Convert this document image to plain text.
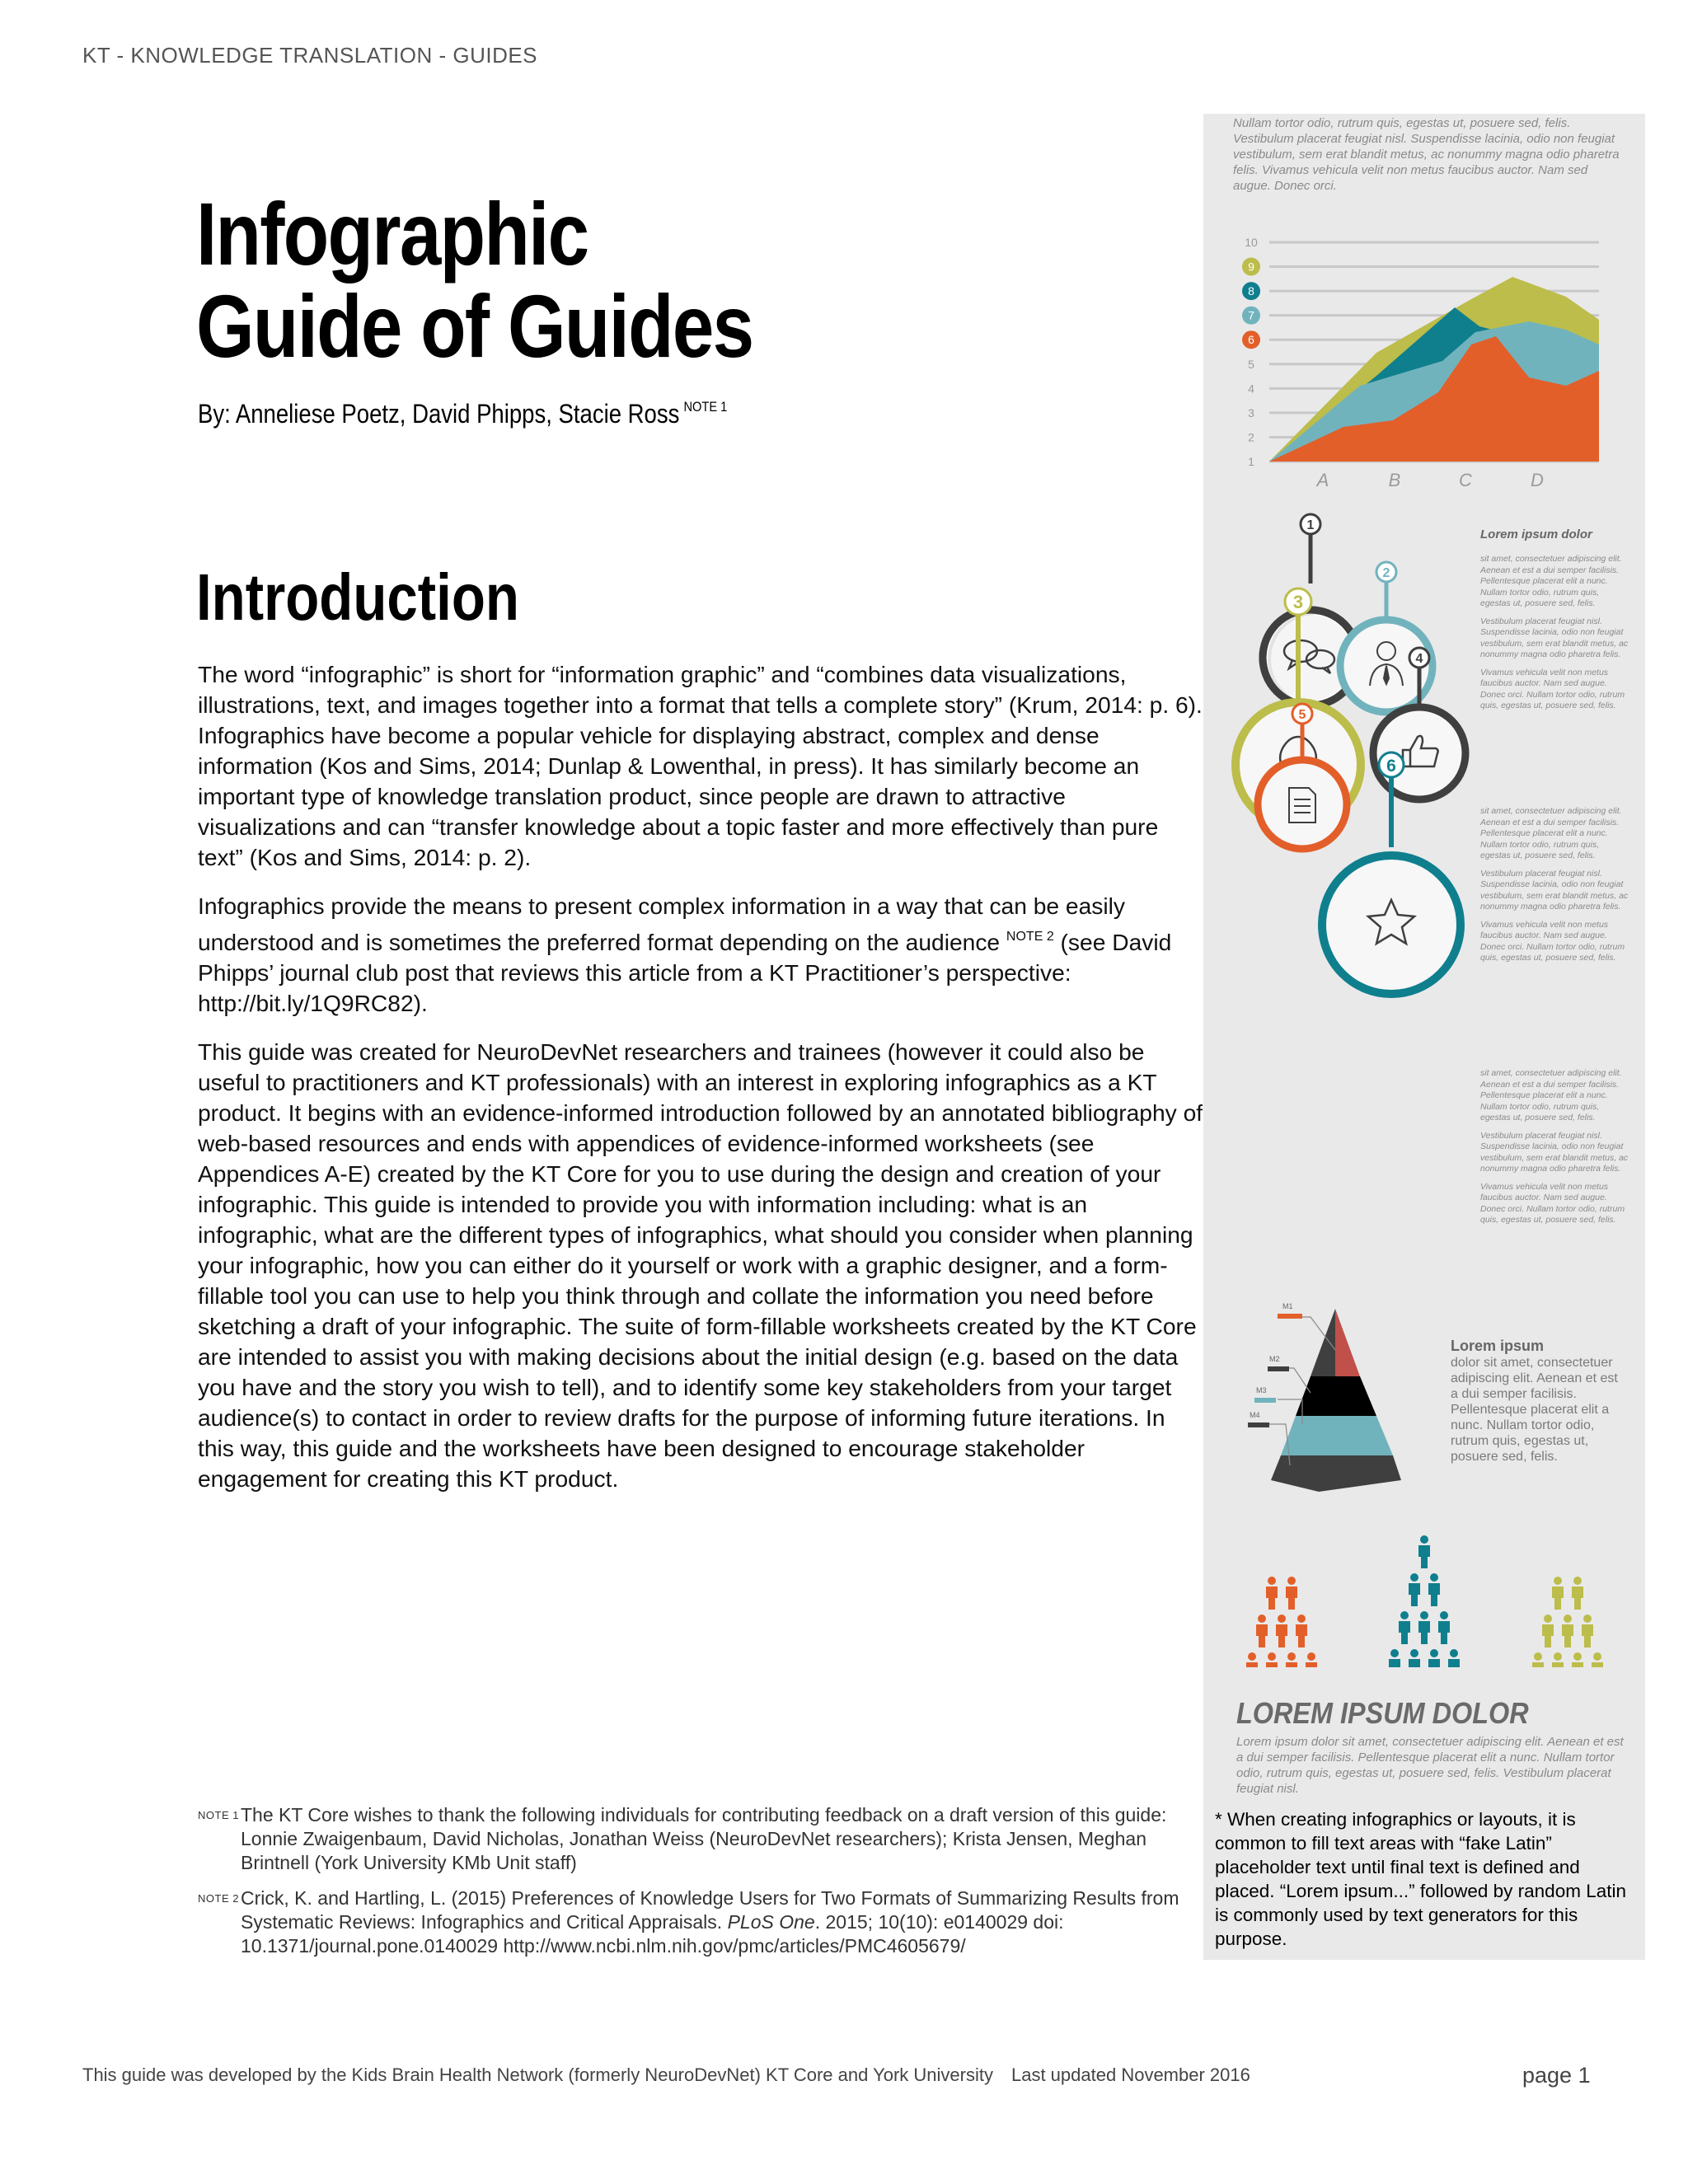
KT - KNOWLEDGE TRANSLATION - GUIDES
Infographic
Guide of Guides
By: Anneliese Poetz, David Phipps, Stacie Ross $^{NOTE 1}$
Introduction

The word “infographic” is short for “information graphic” and “combines data visualizations, illustrations, text, and images together into a format that tells a complete story” (Krum, 2014: p. 6). Infographics have become a popular vehicle for displaying abstract, complex and dense information (Kos and Sims, 2014; Dunlap & Lowenthal, in press). It has similarly become an important type of knowledge translation product, since people are drawn to attractive visualizations and can “transfer knowledge about a topic faster and more effectively than pure text” (Kos and Sims, 2014: p. 2).

Infographics provide the means to present complex information in a way that can be easily understood and is sometimes the preferred format depending on the audience $^{NOTE 2}$ (see David Phipps’ journal club post that reviews this article from a KT Practitioner’s perspective: http://bit.ly/1Q9RC82).

This guide was created for NeuroDevNet researchers and trainees (however it could also be useful to practitioners and KT professionals) with an interest in exploring infographics as a KT product. It begins with an evidence-informed introduction followed by an annotated bibliography of web-based resources and ends with appendices of evidence-informed worksheets (see Appendices A-E) created by the KT Core for you to use during the design and creation of your infographic. This guide is intended to provide you with information including: what is an infographic, what are the different types of infographics, what should you consider when planning your infographic, how you can either do it yourself or work with a graphic designer, and a form-fillable tool you can use to help you think through and collate the information you need before sketching a draft of your infographic. The suite of form-fillable worksheets created by the KT Core are intended to assist you with making decisions about the initial design (e.g. based on the data you have and the story you wish to tell), and to identify some key stakeholders from your target audience(s) to contact in order to review drafts for the purpose of informing future iterations. In this way, this guide and the worksheets have been designed to encourage stakeholder engagement for creating this KT product.

NOTE 1 The KT Core wishes to thank the following individuals for contributing feedback on a draft version of this guide: Lonnie Zwaigenbaum, David Nicholas, Jonathan Weiss (NeuroDevNet researchers); Krista Jensen, Meghan Brintnell (York University KMb Unit staff)
NOTE 2 Crick, K. and Hartling, L. (2015) Preferences of Knowledge Users for Two Formats of Summarizing Results from Systematic Reviews: Infographics and Critical Appraisals. PLoS One. 2015; 10(10): e0140029 doi: 10.1371/journal.pone.0140029 http://www.ncbi.nlm.nih.gov/pmc/articles/PMC4605679/
This guide was developed by the Kids Brain Health Network (formerly NeuroDevNet) KT Core and York University Last updated November 2016	page 1
Nullam tortor odio, rutrum quis, egestas ut, posuere sed, felis. Vestibulum placerat feugiat nisl. Suspendisse lacinia, odio non feugiat vestibulum, sem erat blandit metus, ac nonummy magna odio pharetra felis. Vivamus vehicula velit non metus faucibus auctor. Nam sed augue. Donec orci.
1
2
3
4
5
6
7
8
9
10
A	B	C	D
1
2
3
4
5
6
Lorem ipsum dolor

sit amet, consectetuer adipiscing elit. Aenean et est a dui semper facilisis. Pellentesque placerat elit a nunc. Nullam tortor odio, rutrum quis, egestas ut, posuere sed, felis.

Vestibulum placerat feugiat nisl. Suspendisse lacinia, odio non feugiat vestibulum, sem erat blandit metus, ac nonummy magna odio pharetra felis.

Vivamus vehicula velit non metus faucibus auctor. Nam sed augue. Donec orci. Nullam tortor odio, rutrum quis, egestas ut, posuere sed, felis.

sit amet, consectetuer adipiscing elit. Aenean et est a dui semper facilisis. Pellentesque placerat elit a nunc. Nullam tortor odio, rutrum quis, egestas ut, posuere sed, felis.

Vestibulum placerat feugiat nisl. Suspendisse lacinia, odio non feugiat vestibulum, sem erat blandit metus, ac nonummy magna odio pharetra felis.

Vivamus vehicula velit non metus faucibus auctor. Nam sed augue. Donec orci. Nullam tortor odio, rutrum quis, egestas ut, posuere sed, felis.

sit amet, consectetuer adipiscing elit. Aenean et est a dui semper facilisis. Pellentesque placerat elit a nunc. Nullam tortor odio, rutrum quis, egestas ut, posuere sed, felis.

Vestibulum placerat feugiat nisl. Suspendisse lacinia, odio non feugiat vestibulum, sem erat blandit metus, ac nonummy magna odio pharetra felis.

Vivamus vehicula velit non metus faucibus auctor. Nam sed augue. Donec orci. Nullam tortor odio, rutrum quis, egestas ut, posuere sed, felis.

M1
M2
M3
M4
Lorem ipsum
dolor sit amet, consectetuer adipiscing elit. Aenean et est a dui semper facilisis. Pellentesque placerat elit a nunc. Nullam tortor odio, rutrum quis, egestas ut, posuere sed, felis.
LOREM IPSUM DOLOR
Lorem ipsum dolor sit amet, consectetuer adipiscing elit. Aenean et est a dui semper facilisis. Pellentesque placerat elit a nunc. Nullam tortor odio, rutrum quis, egestas ut, posuere sed, felis. Vestibulum placerat feugiat nisl.
* When creating infographics or layouts, it is common to fill text areas with “fake Latin” placeholder text until final text is defined and placed. “Lorem ipsum...” followed by random Latin is commonly used by text generators for this purpose.
